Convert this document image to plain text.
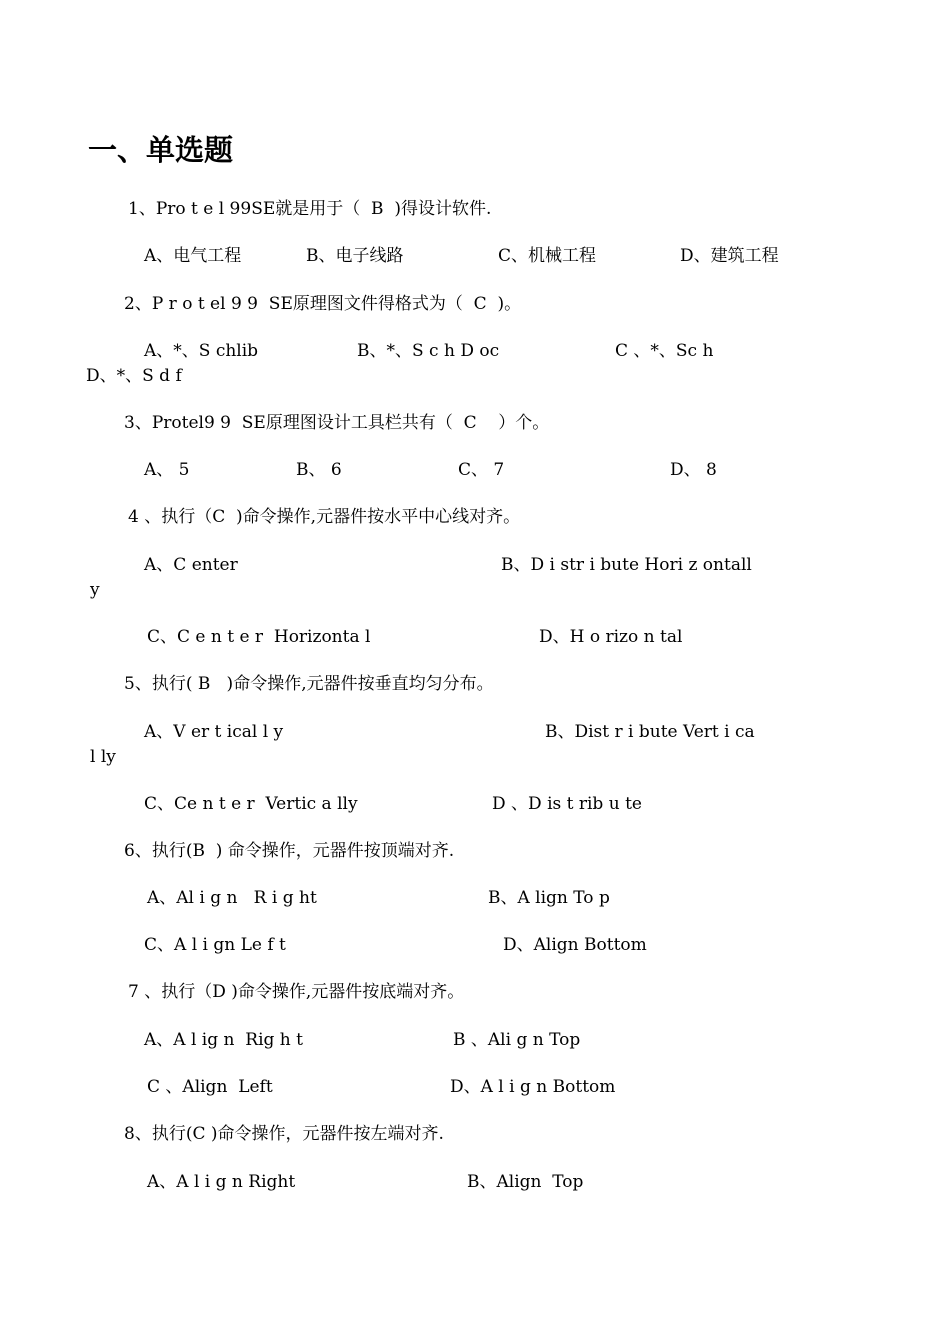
一、单选题
1、Pro t e l 99SE就是用于（  B  )得设计软件.
A、电气工程	B、电子线路	C、机械工程	D、建筑工程
2、P r o t el 9 9  SE原理图文件得格式为（  C  )。
A、*、S chlib	B、*、S c h D oc	C 、*、Sc h
D、*、S d f
3、Protel9 9  SE原理图设计工具栏共有（  C    ）个。
A、 5	B、 6	C、 7	D、 8
4 、执行（C  )命令操作,元器件按水平中心线对齐。
A、C enter	B、D i str i bute Hori z ontall
y
C、C e n t e r  Horizonta l	D、H o rizo n tal
5、执行( B   )命令操作,元器件按垂直均匀分布。
A、V er t ical l y	B、Dist r i bute Vert i ca
l ly
C、Ce n t e r  Vertic a lly	D 、D is t rib u te
6、执行(B  ) 命令操作，元器件按顶端对齐.
A、Al i g n   R i g ht	B、A lign To p
C、A l i gn Le f t	D、Align Bottom
7 、执行（D )命令操作,元器件按底端对齐。
A、A l ig n  Rig h t	B 、Ali g n Top
C 、Align  Left	D、A l i g n Bottom
8、执行(C )命令操作，元器件按左端对齐.
A、A l i g n Right	B、Align  Top
